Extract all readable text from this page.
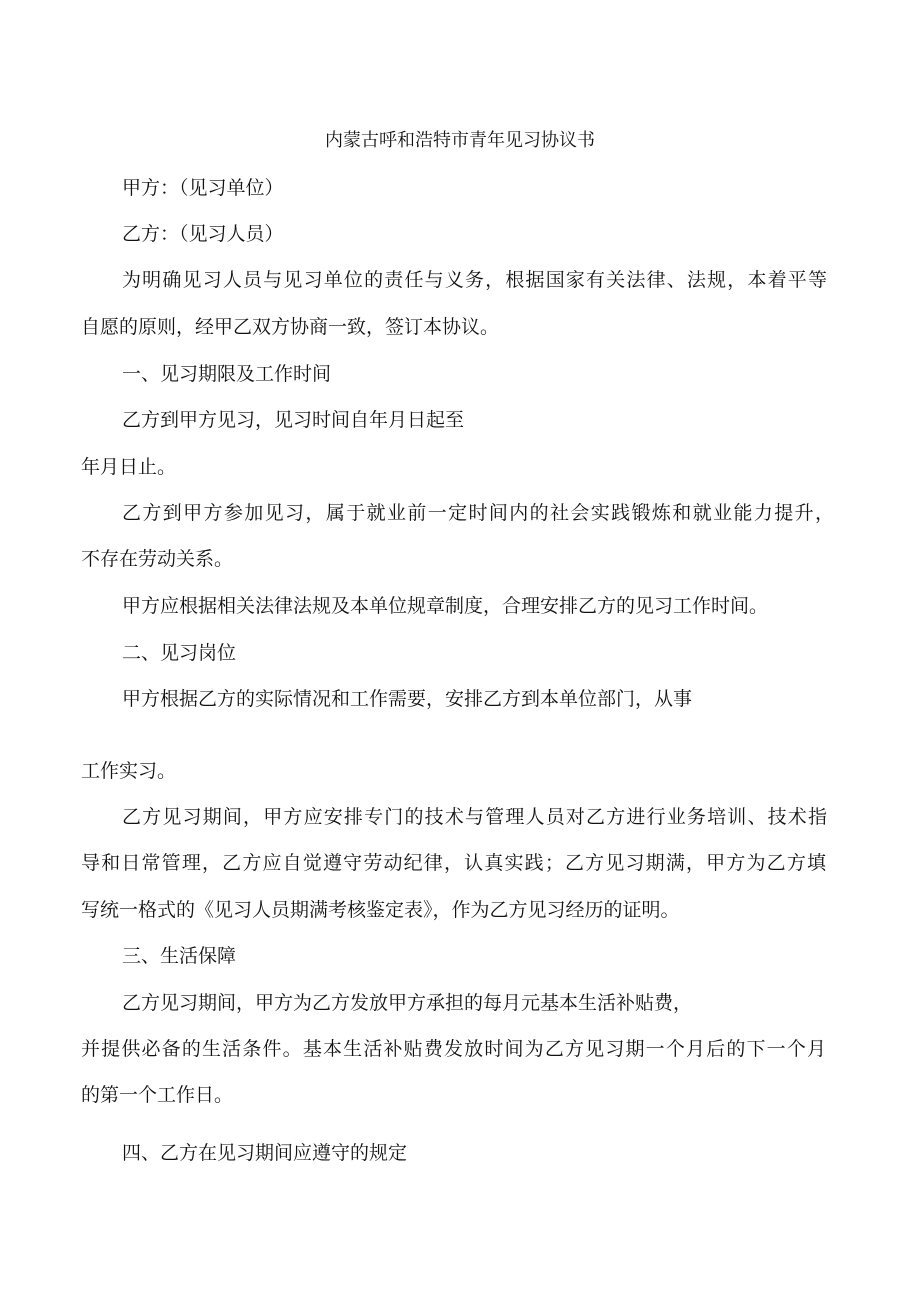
内蒙古呼和浩特市青年见习协议书

甲方：（见习单位）

乙方：（见习人员）

为明确见习人员与见习单位的责任与义务，根据国家有关法律、法规，本着平等

自愿的原则，经甲乙双方协商一致，签订本协议。

一、见习期限及工作时间

乙方到甲方见习，见习时间自年月日起至

年月日止。

乙方到甲方参加见习，属于就业前一定时间内的社会实践锻炼和就业能力提升，

不存在劳动关系。

甲方应根据相关法律法规及本单位规章制度，合理安排乙方的见习工作时间。

二、见习岗位

甲方根据乙方的实际情况和工作需要，安排乙方到本单位部门，从事

工作实习。

乙方见习期间，甲方应安排专门的技术与管理人员对乙方进行业务培训、技术指

导和日常管理，乙方应自觉遵守劳动纪律，认真实践；乙方见习期满，甲方为乙方填

写统一格式的《见习人员期满考核鉴定表》，作为乙方见习经历的证明。

三、生活保障

乙方见习期间，甲方为乙方发放甲方承担的每月元基本生活补贴费，

并提供必备的生活条件。基本生活补贴费发放时间为乙方见习期一个月后的下一个月

的第一个工作日。

四、乙方在见习期间应遵守的规定
